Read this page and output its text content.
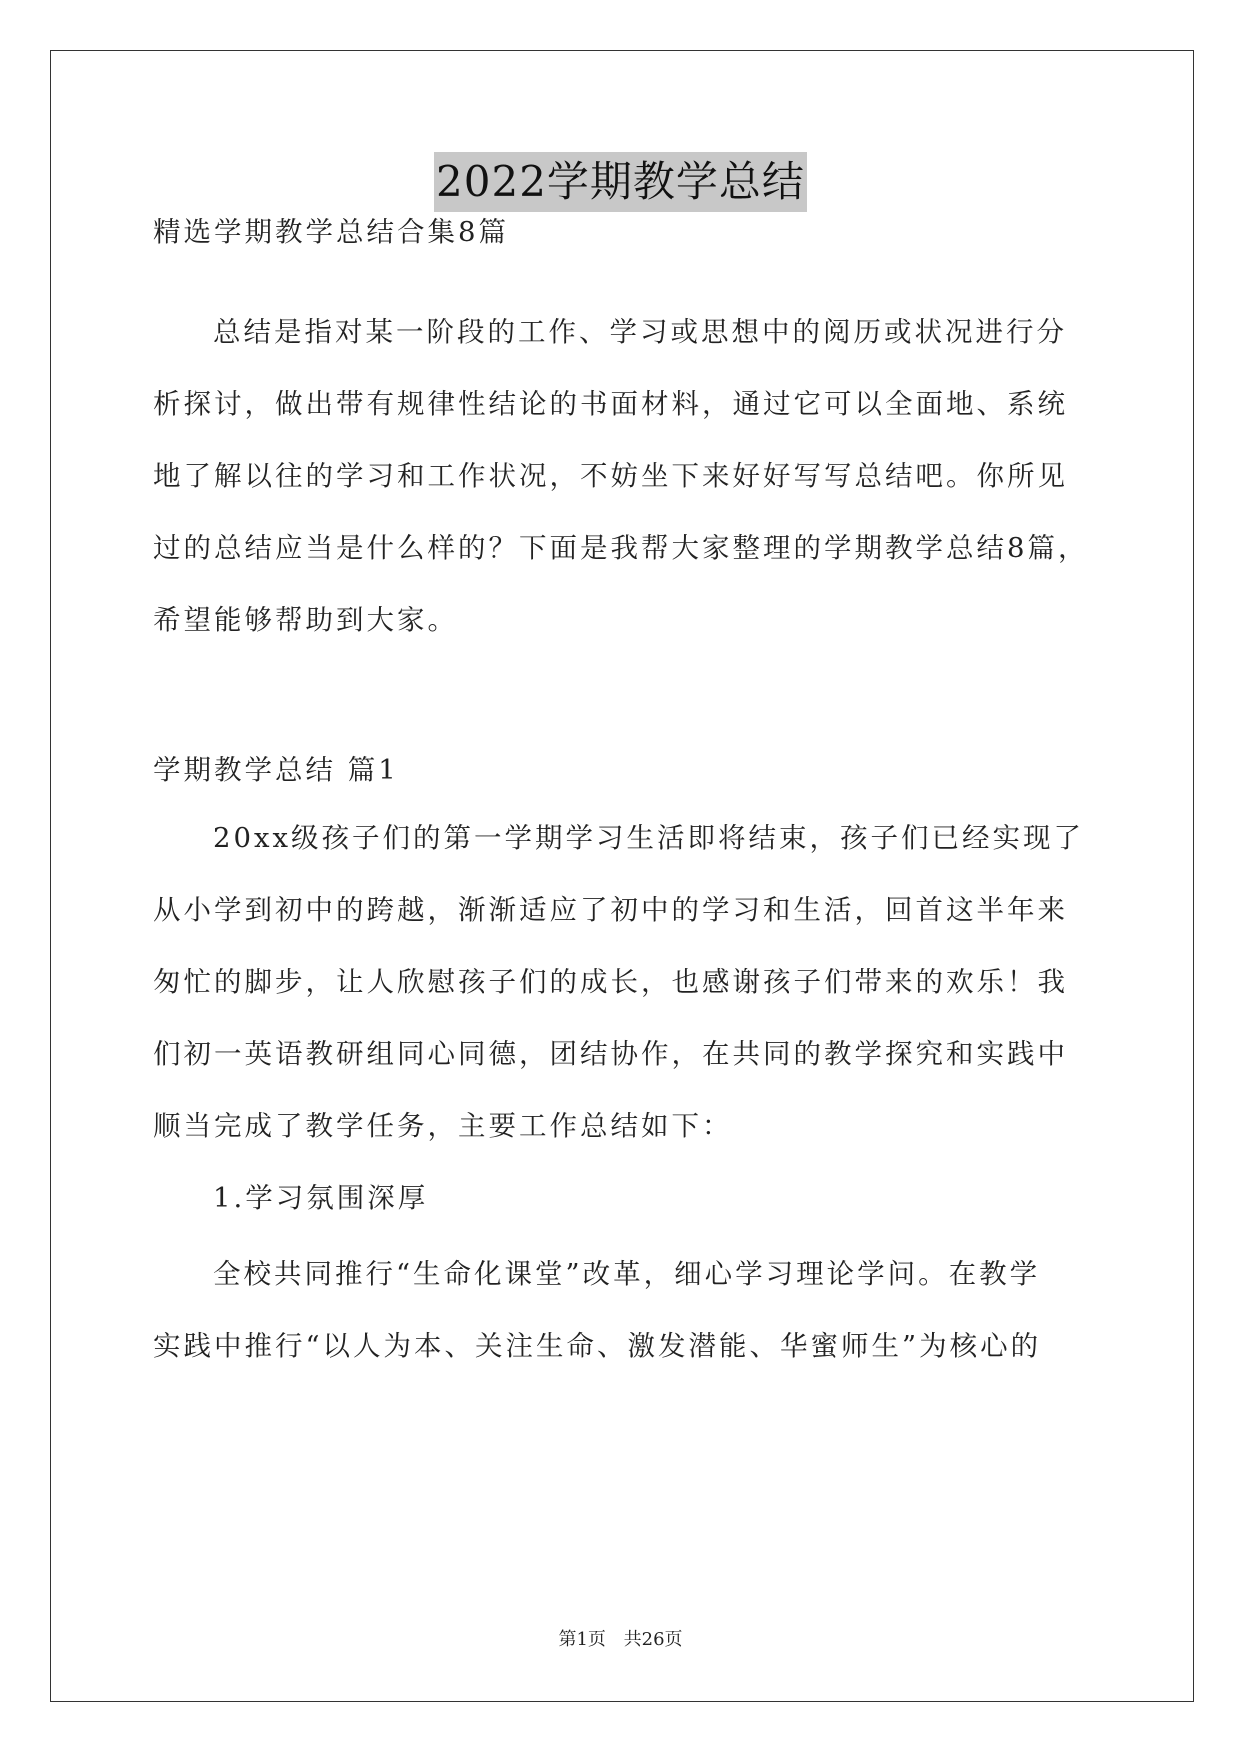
2022学期教学总结
精选学期教学总结合集8篇
总结是指对某一阶段的工作、学习或思想中的阅历或状况进行分
析探讨，做出带有规律性结论的书面材料，通过它可以全面地、系统
地了解以往的学习和工作状况，不妨坐下来好好写写总结吧。你所见
过的总结应当是什么样的？下面是我帮大家整理的学期教学总结8篇，
希望能够帮助到大家。
学期教学总结 篇1
20xx级孩子们的第一学期学习生活即将结束，孩子们已经实现了
从小学到初中的跨越，渐渐适应了初中的学习和生活，回首这半年来
匆忙的脚步，让人欣慰孩子们的成长，也感谢孩子们带来的欢乐！我
们初一英语教研组同心同德，团结协作，在共同的教学探究和实践中
顺当完成了教学任务，主要工作总结如下：
1.学习氛围深厚
全校共同推行“生命化课堂”改革，细心学习理论学问。在教学
实践中推行“以人为本、关注生命、激发潜能、华蜜师生”为核心的
第1页 共26页
